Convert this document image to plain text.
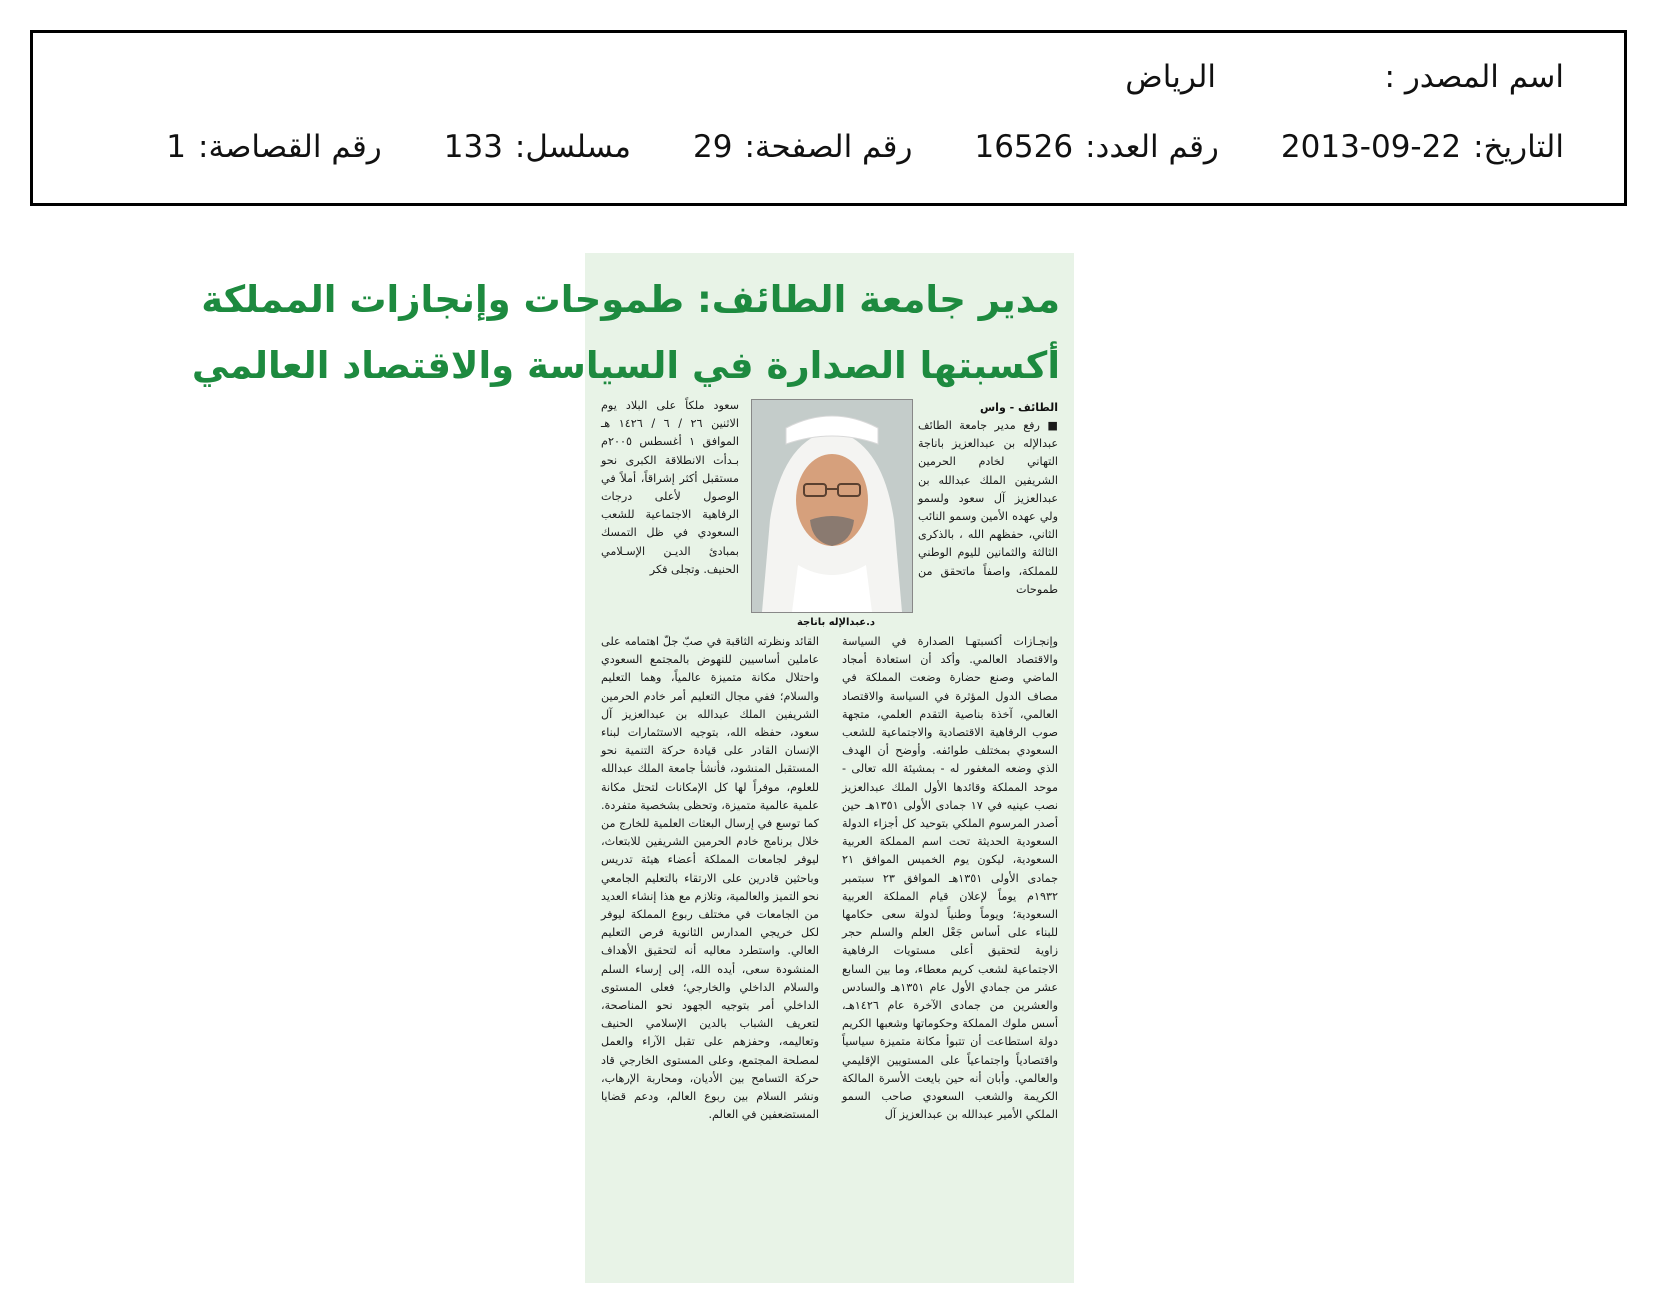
اسم المصدر :
الرياض
التاريخ:
2013-09-22
رقم العدد:
16526
رقم الصفحة:
29
مسلسل:
133
رقم القصاصة:
1
مدير جامعة الطائف: طموحات وإنجازات المملكة
أكسبتها الصدارة في السياسة والاقتصاد العالمي
الطائف - واس
د.عبدالإله باناجة
■ رفع مدير جامعة الطائف عبدالإله بن عبدالعزيز باناجة التهاني لخادم الحرمين الشريفين الملك عبدالله بن عبدالعزيز آل سعود ولسمو ولي عهده الأمين وسمو النائب الثاني، حفظهم الله ، بالذكرى الثالثة والثمانين لليوم الوطني للمملكة، واصفاً ماتحقق من طموحات
سعود ملكاً على البلاد يوم الاثنين ٢٦ / ٦ / ١٤٢٦ هـ الموافق ١ أغسطس ٢٠٠٥م بـدأت الانطلاقة الكبرى نحو مستقبل أكثر إشراقاً، أملاً في الوصول لأعلى درجات الرفاهية الاجتماعية للشعب السعودي في ظل التمسك بمبادئ الديـن الإسـلامي الحنيف. وتجلى فكر
وإنجـازات أكسبتهـا الصدارة في السياسة والاقتصاد العالمي. وأكد أن استعادة أمجاد الماضي وصنع حضارة وضعت المملكة في مصاف الدول المؤثرة في السياسة والاقتصاد العالمي، آخذة بناصية التقدم العلمي، متجهة صوب الرفاهية الاقتصادية والاجتماعية للشعب السعودي بمختلف طوائفه. وأوضح أن الهدف الذي وضعه المغفور له - بمشيئة الله تعالى - موحد المملكة وقائدها الأول الملك عبدالعزيز نصب عينيه في ١٧ جمادى الأولى ١٣٥١هـ حين أصدر المرسوم الملكي بتوحيد كل أجزاء الدولة السعودية الحديثة تحت اسم المملكة العربية السعودية، ليكون يوم الخميس الموافق ٢١ جمادى الأولى ١٣٥١هـ الموافق ٢٣ سبتمبر ١٩٣٢م يوماً لإعلان قيام المملكة العربية السعودية؛ ويوماً وطنياً لدولة سعى حكامها للبناء على أساس جَعْل العلم والسلم حجر زاوية لتحقيق أعلى مستويات الرفاهية الاجتماعية لشعب كريم معطاء، وما بين السابع عشر من جمادي الأول عام ١٣٥١هـ والسادس والعشرين من جمادى الآخرة عام ١٤٢٦هـ، أسس ملوك المملكة وحكوماتها وشعبها الكريم دولة استطاعت أن تتبوأ مكانة متميزة سياسياً واقتصادياً واجتماعياً على المستويين الإقليمي والعالمي. وأبان أنه حين بايعت الأسرة المالكة الكريمة والشعب السعودي صاحب السمو الملكي الأمير عبدالله بن عبدالعزيز آل
القائد ونظرته الثاقبة في صبّ جلّ اهتمامه على عاملين أساسيين للنهوض بالمجتمع السعودي واحتلال مكانة متميزة عالمياً، وهما التعليم والسلام؛ ففي مجال التعليم أمر خادم الحرمين الشريفين الملك عبدالله بن عبدالعزيز آل سعود، حفظه الله، بتوجيه الاستثمارات لبناء الإنسان القادر على قيادة حركة التنمية نحو المستقبل المنشود، فأنشأ جامعة الملك عبدالله للعلوم، موفراً لها كل الإمكانات لتحتل مكانة علمية عالمية متميزة، وتحظى بشخصية متفردة. كما توسع في إرسال البعثات العلمية للخارج من خلال برنامج خادم الحرمين الشريفين للابتعاث، ليوفر لجامعات المملكة أعضاء هيئة تدريس وباحثين قادرين على الارتقاء بالتعليم الجامعي نحو التميز والعالمية، وتلازم مع هذا إنشاء العديد من الجامعات في مختلف ربوع المملكة ليوفر لكل خريجي المدارس الثانوية فرص التعليم العالي. واستطرد معاليه أنه لتحقيق الأهداف المنشودة سعى، أيده الله، إلى إرساء السلم والسلام الداخلي والخارجي؛ فعلى المستوى الداخلي أمر بتوجيه الجهود نحو المناصحة، لتعريف الشباب بالدين الإسلامي الحنيف وتعاليمه، وحفزهم على تقبل الآراء والعمل لمصلحة المجتمع، وعلى المستوى الخارجي قاد حركة التسامح بين الأديان، ومحاربة الإرهاب، ونشر السلام بين ربوع العالم، ودعم قضايا المستضعفين في العالم.
